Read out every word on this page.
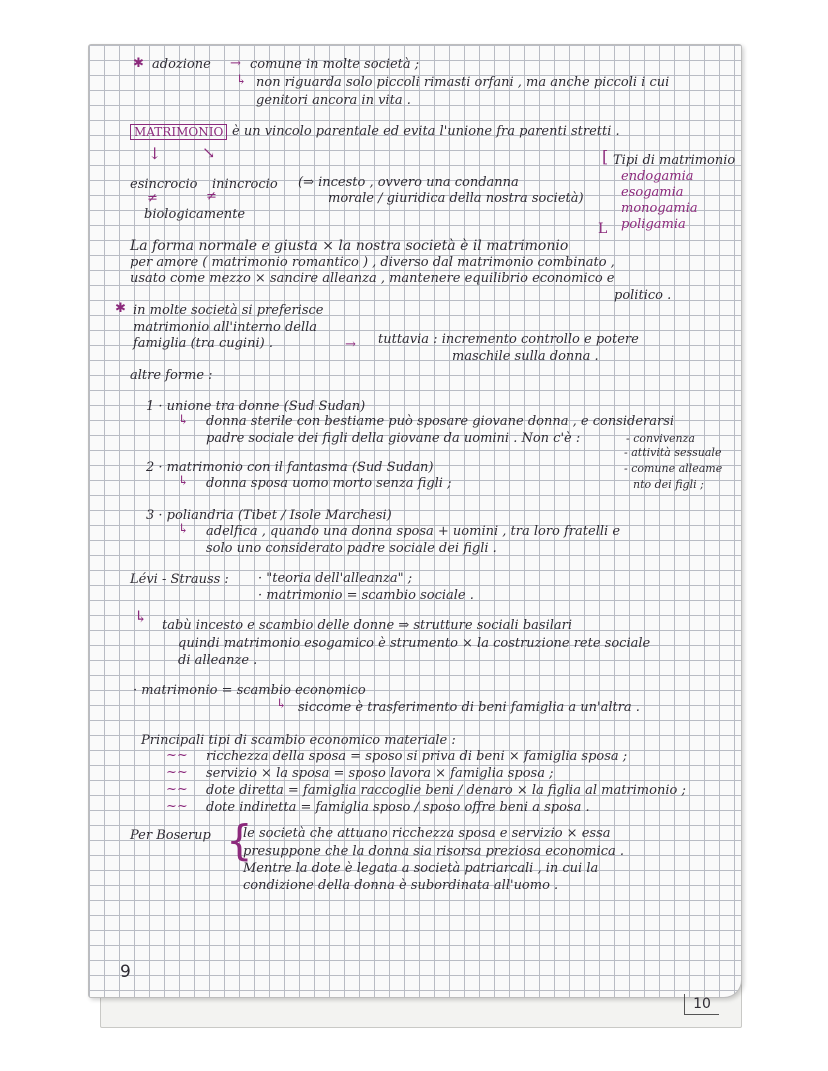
✱ adozione → comune in molte società ;
↳ non riguarda solo piccoli rimasti orfani , ma anche piccoli i cui
genitori ancora in vita .
MATRIMONIO è un vincolo parentale ed evita l'unione fra parenti stretti .
↓	↘
esincrocio inincrocio (⇒ incesto , ovvero una condanna
morale / giuridica della nostra società)
≠	≠
biologicamente
[ Tipi di matrimonio
endogamia
esogamia
monogamia
poligamia
L
La forma normale e giusta × la nostra società è il matrimonio
per amore ( matrimonio romantico ) , diverso dal matrimonio combinato ,
usato come mezzo × sancire alleanza , mantenere equilibrio economico e
politico .
✱ in molte società si preferisce
matrimonio all'interno della
famiglia (tra cugini) .	→ tuttavia : incremento controllo e potere
maschile sulla donna .
altre forme :
1 · unione tra donne (Sud Sudan)
↳ donna sterile con bestiame può sposare giovane donna , e considerarsi
padre sociale dei figli della giovane da uomini . Non c'è :	- convivenza
- attività sessuale
- comune alleame
nto dei figli ;
2 · matrimonio con il fantasma (Sud Sudan)
↳ donna sposa uomo morto senza figli ;
3 · poliandria (Tibet / Isole Marchesi)
↳ adelfica , quando una donna sposa + uomini , tra loro fratelli e
solo uno considerato padre sociale dei figli .
Lévi - Strauss : · "teoria dell'alleanza" ;
· matrimonio = scambio sociale .
↳ tabù incesto e scambio delle donne ⇒ strutture sociali basilari
quindi matrimonio esogamico è strumento × la costruzione rete sociale
di alleanze .
· matrimonio = scambio economico
↳ siccome è trasferimento di beni famiglia a un'altra .
Principali tipi di scambio economico materiale :
~~ ricchezza della sposa = sposo si priva di beni × famiglia sposa ;
~~ servizio × la sposa = sposo lavora × famiglia sposa ;
~~ dote diretta = famiglia raccoglie beni / denaro × la figlia al matrimonio ;
~~ dote indiretta = famiglia sposo / sposo offre beni a sposa .
Per Boserup {
le società che attuano ricchezza sposa e servizio × essa
presuppone che la donna sia risorsa preziosa economica .
Mentre la dote è legata a società patriarcali , in cui la
condizione della donna è subordinata all'uomo .
9
10
